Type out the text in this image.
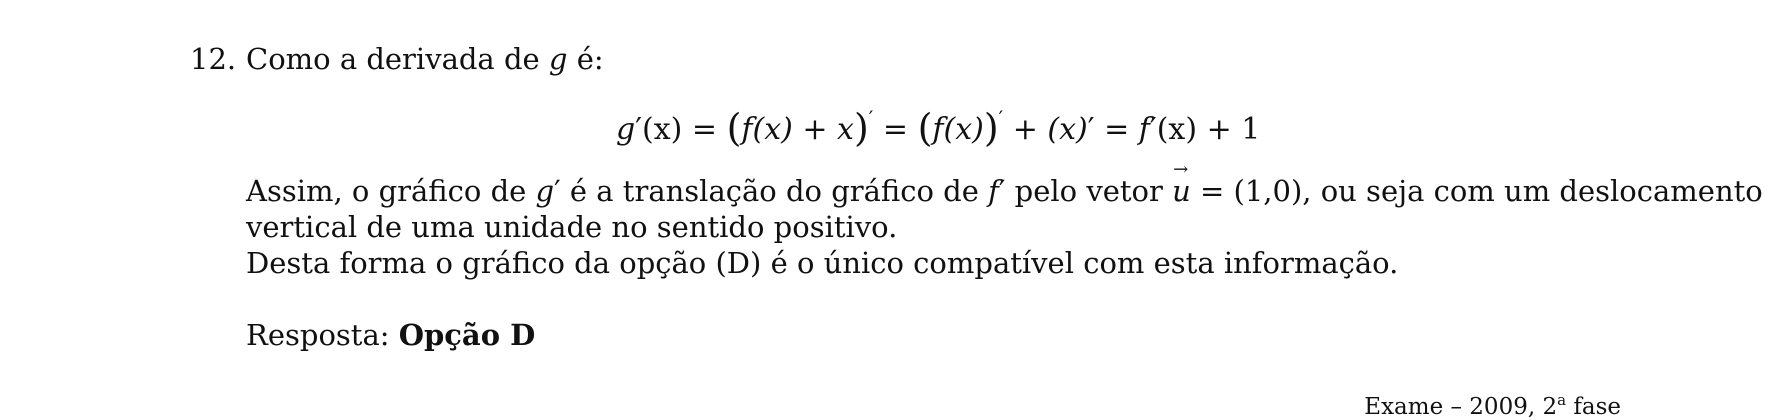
12. Como a derivada de g é:
g′(x) = (f(x) + x)′ = (f(x))′ + (x)′ = f′(x) + 1
Assim, o gráfico de g′ é a translação do gráfico de f′ pelo vetor → u = (1,0), ou seja com um deslocamento
vertical de uma unidade no sentido positivo.
Desta forma o gráfico da opção (D) é o único compatível com esta informação.
Resposta: Opção D
Exame – 2009, 2$^a$ fase
